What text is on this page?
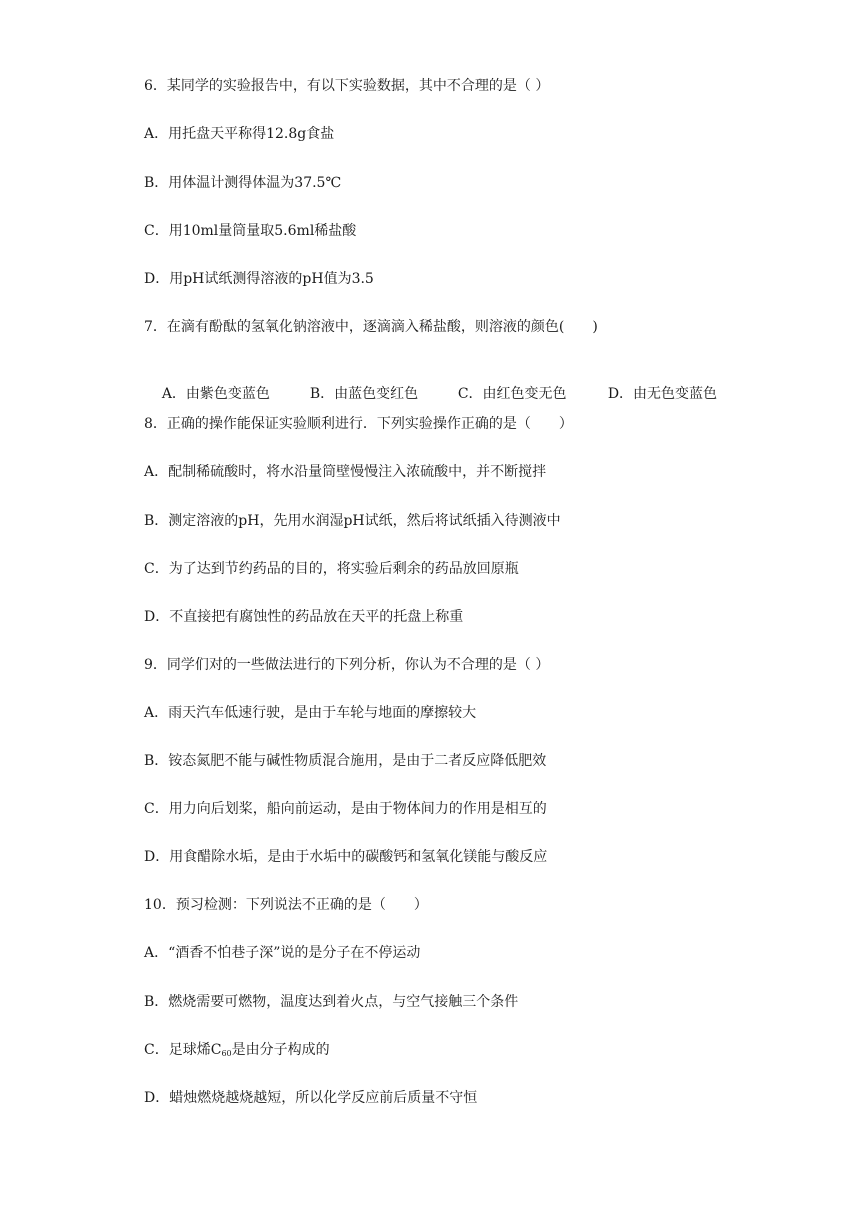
6．某同学的实验报告中，有以下实验数据，其中不合理的是（ ）
A．用托盘天平称得12.8g食盐
B．用体温计测得体温为37.5℃
C．用10ml量筒量取5.6ml稀盐酸
D．用pH试纸测得溶液的pH值为3.5
7．在滴有酚酞的氢氧化钠溶液中，逐滴滴入稀盐酸，则溶液的颜色(　　)

A．由紫色变蓝色	B．由蓝色变红色	C．由红色变无色	D．由无色变蓝色

8．正确的操作能保证实验顺利进行．下列实验操作正确的是（　　）
A．配制稀硫酸时，将水沿量筒壁慢慢注入浓硫酸中，并不断搅拌
B．测定溶液的pH，先用水润湿pH试纸，然后将试纸插入待测液中
C．为了达到节约药品的目的，将实验后剩余的药品放回原瓶
D．不直接把有腐蚀性的药品放在天平的托盘上称重
9．同学们对的一些做法进行的下列分析，你认为不合理的是（ ）
A．雨天汽车低速行驶，是由于车轮与地面的摩擦较大
B．铵态氮肥不能与碱性物质混合施用，是由于二者反应降低肥效
C．用力向后划桨，船向前运动，是由于物体间力的作用是相互的
D．用食醋除水垢，是由于水垢中的碳酸钙和氢氧化镁能与酸反应
10．预习检测：下列说法不正确的是（　　）
A．“酒香不怕巷子深”说的是分子在不停运动
B．燃烧需要可燃物，温度达到着火点，与空气接触三个条件
C．足球烯$C_{60}$是由分子构成的
D．蜡烛燃烧越烧越短，所以化学反应前后质量不守恒
